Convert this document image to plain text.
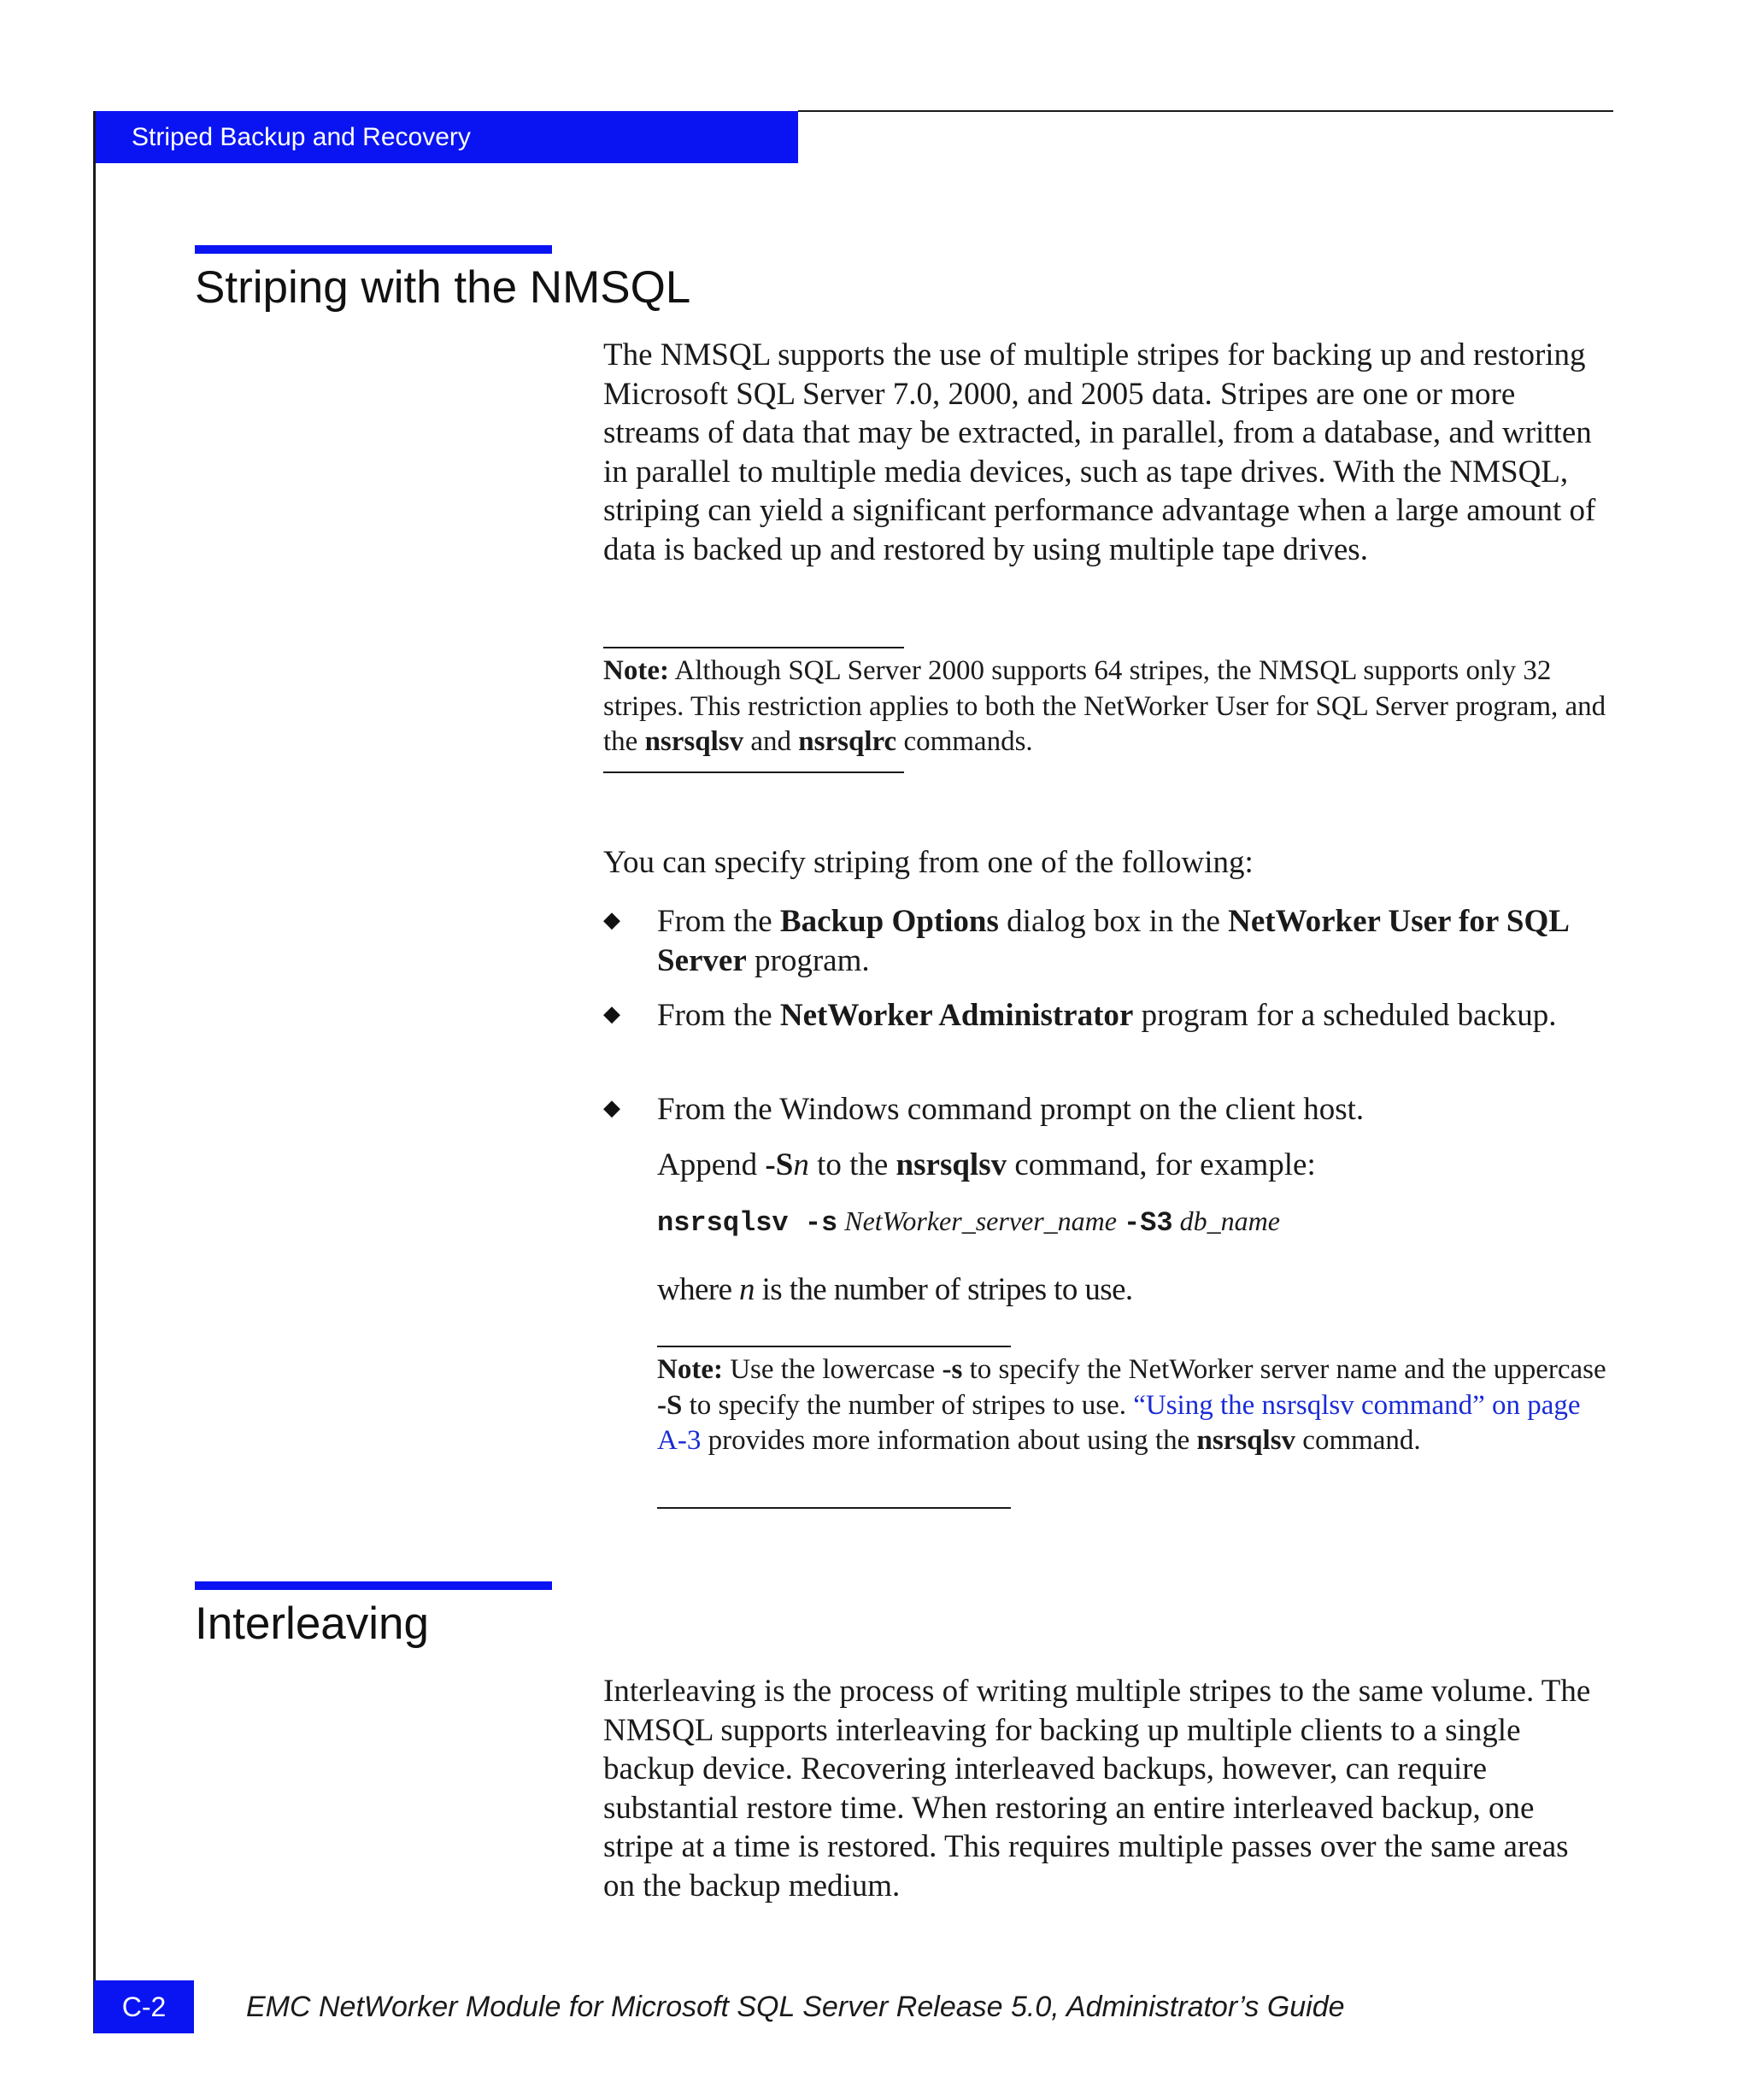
Striped Backup and Recovery
Striping with the NMSQL

The NMSQL supports the use of multiple stripes for backing up and restoring Microsoft SQL Server 7.0, 2000, and 2005 data. Stripes are one or more streams of data that may be extracted, in parallel, from a database, and written in parallel to multiple media devices, such as tape drives. With the NMSQL, striping can yield a significant performance advantage when a large amount of data is backed up and restored by using multiple tape drives.

Note: Although SQL Server 2000 supports 64 stripes, the NMSQL supports only 32 stripes. This restriction applies to both the NetWorker User for SQL Server program, and the nsrsqlsv and nsrsqlrc commands.

You can specify striping from one of the following:

◆ From the Backup Options dialog box in the NetWorker User for SQL Server program.
◆ From the NetWorker Administrator program for a scheduled backup.
◆ From the Windows command prompt on the client host.

Append -Sn to the nsrsqlsv command, for example:

nsrsqlsv -s NetWorker_server_name -S3 db_name

where n is the number of stripes to use.

Note: Use the lowercase -s to specify the NetWorker server name and the uppercase -S to specify the number of stripes to use. “Using the nsrsqlsv command” on page A-3 provides more information about using the nsrsqlsv command.
Interleaving

Interleaving is the process of writing multiple stripes to the same volume. The NMSQL supports interleaving for backing up multiple clients to a single backup device. Recovering interleaved backups, however, can require substantial restore time. When restoring an entire interleaved backup, one stripe at a time is restored. This requires multiple passes over the same areas on the backup medium.

C-2	EMC NetWorker Module for Microsoft SQL Server Release 5.0, Administrator’s Guide
